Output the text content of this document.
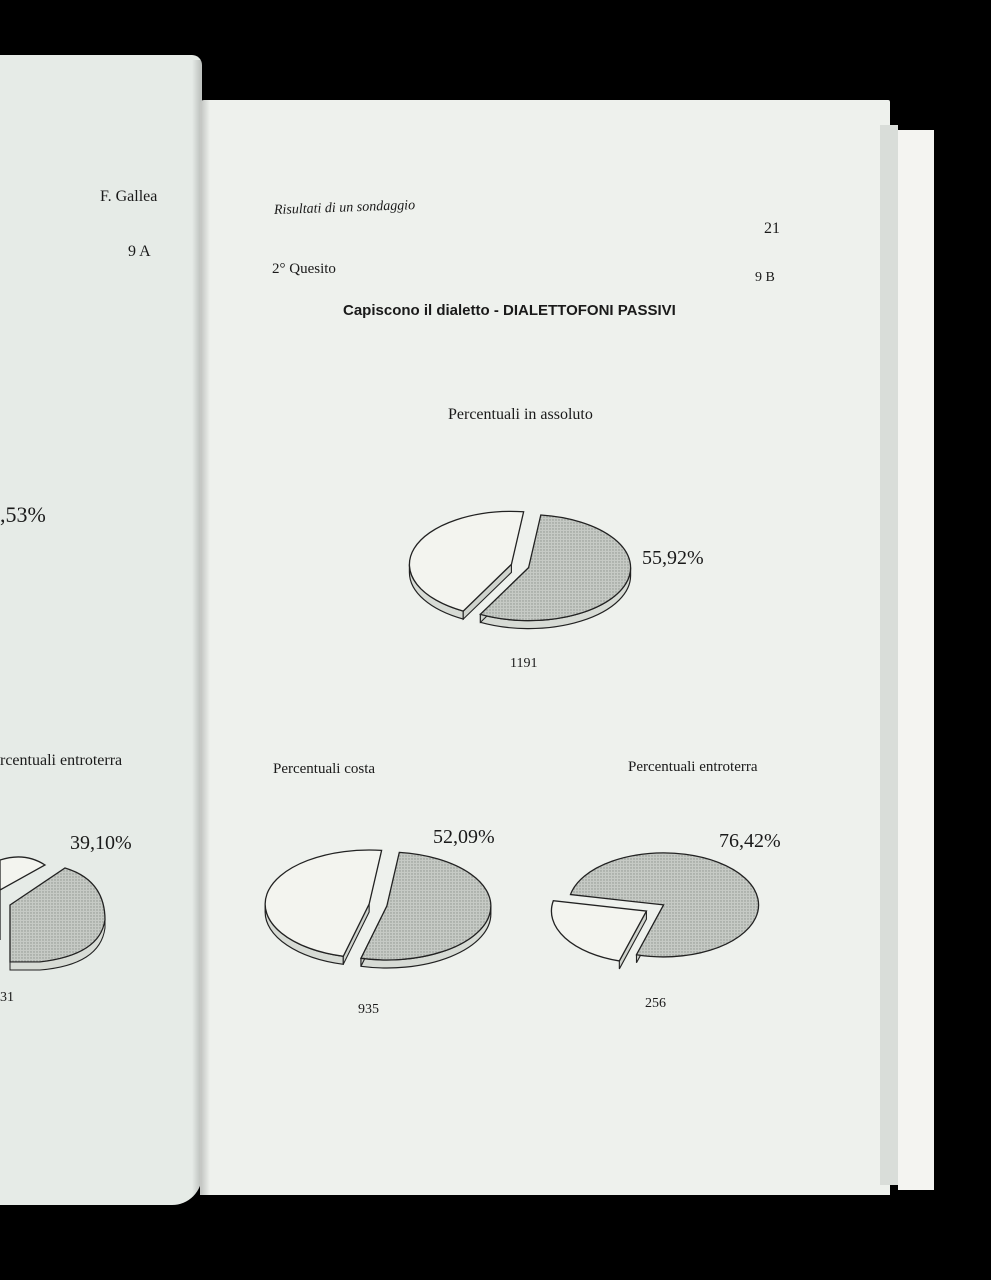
F. Gallea
9 A
,53%
rcentuali entroterra
39,10%
31
Risultati di un sondaggio
21
2° Quesito
9 B
Capiscono il dialetto - DIALETTOFONI PASSIVI
Percentuali in assoluto
55,92%
1191
Percentuali costa
52,09%
935
Percentuali entroterra
76,42%
256
